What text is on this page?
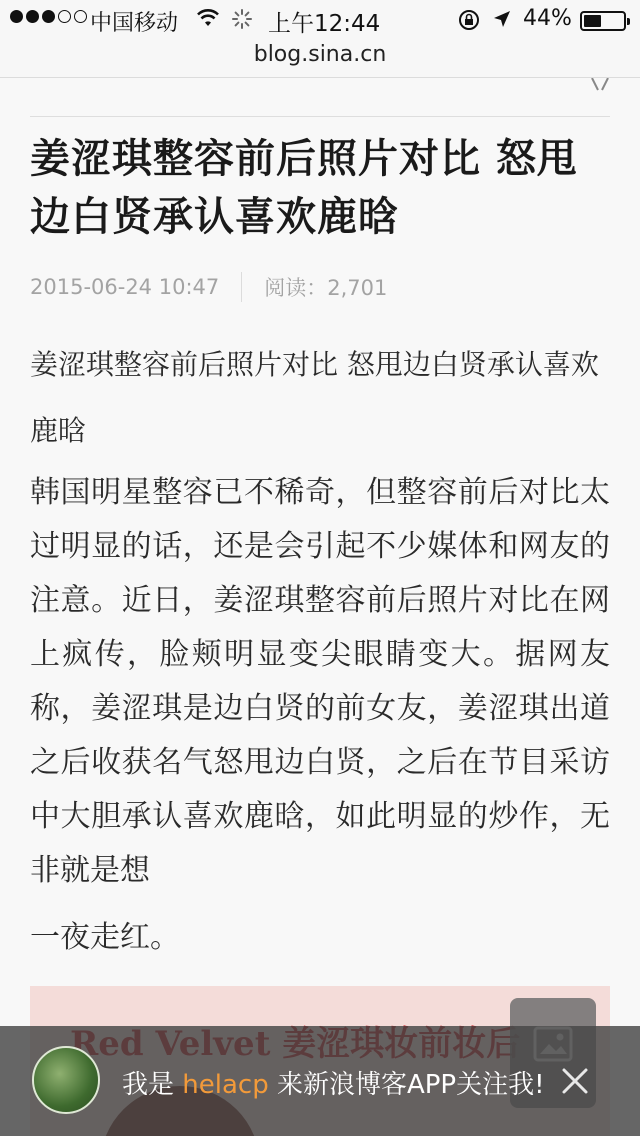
中国移动	上午12:44	44%
blog.sina.cn
姜涩琪整容前后照片对比 怒甩边白贤承认喜欢鹿晗
2015-06-24 10:47 阅读：2,701

姜涩琪整容前后照片对比 怒甩边白贤承认喜欢鹿晗

韩国明星整容已不稀奇，但整容前后对比太过明显的话，还是会引起不少媒体和网友的注意。近日，姜涩琪整容前后照片对比在网上疯传，脸颊明显变尖眼睛变大。据网友称，姜涩琪是边白贤的前女友，姜涩琪出道之后收获名气怒甩边白贤，之后在节目采访中大胆承认喜欢鹿晗，如此明显的炒作，无非就是想

一夜走红。

我是 helacp 来新浪博客APP关注我!
